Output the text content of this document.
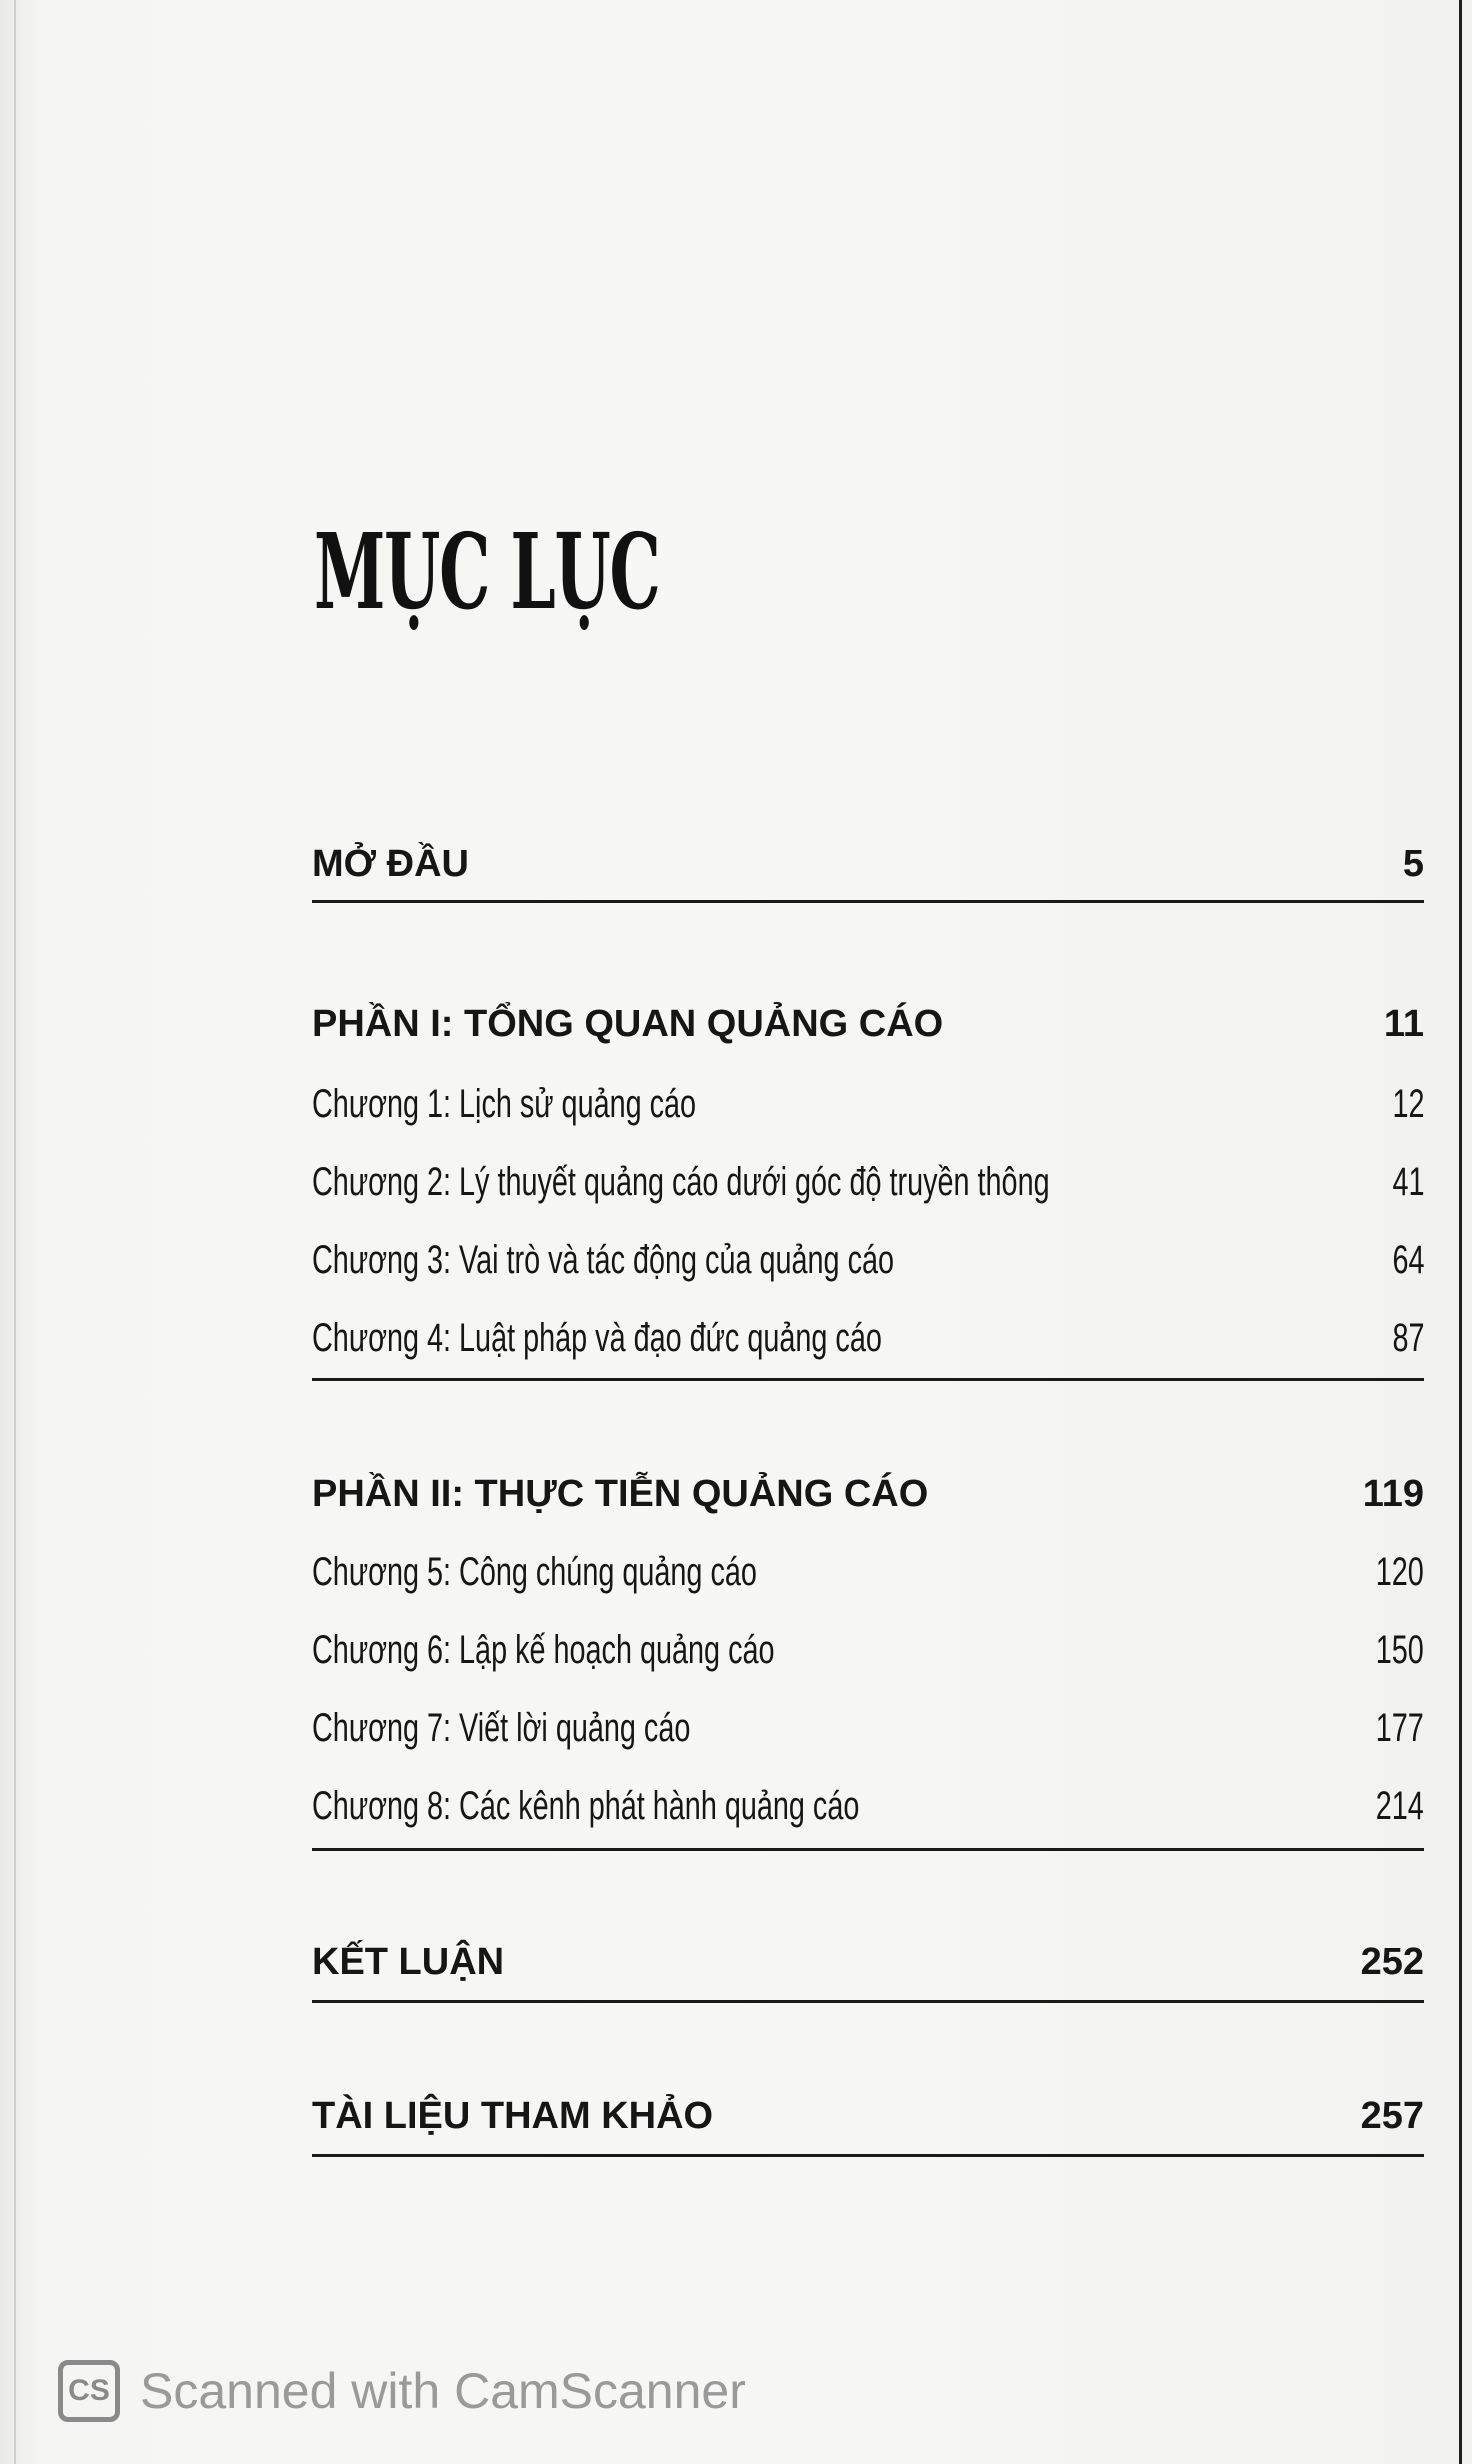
MỤC LỤC
MỞ ĐẦU	5
PHẦN I: TỔNG QUAN QUẢNG CÁO	11
Chương 1: Lịch sử quảng cáo	12
Chương 2: Lý thuyết quảng cáo dưới góc độ truyền thông	41
Chương 3: Vai trò và tác động của quảng cáo	64
Chương 4: Luật pháp và đạo đức quảng cáo	87
PHẦN II: THỰC TIỄN QUẢNG CÁO	119
Chương 5: Công chúng quảng cáo	120
Chương 6: Lập kế hoạch quảng cáo	150
Chương 7: Viết lời quảng cáo	177
Chương 8: Các kênh phát hành quảng cáo	214
KẾT LUẬN	252
TÀI LIỆU THAM KHẢO	257
CS Scanned with CamScanner
